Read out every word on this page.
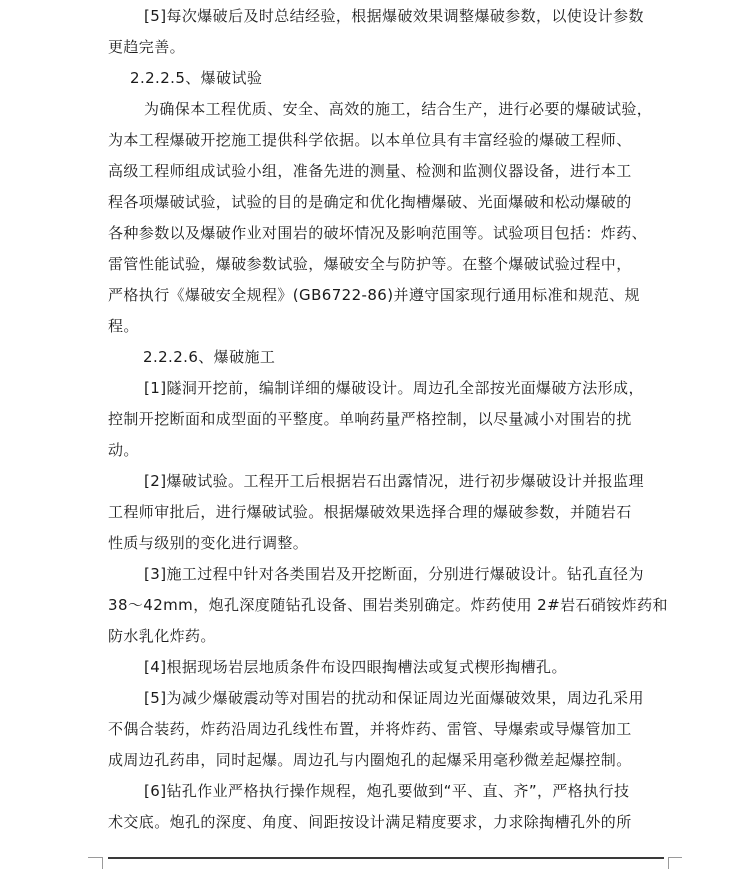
[5]每次爆破后及时总结经验，根据爆破效果调整爆破参数，以使设计参数
更趋完善。
2.2.2.5、爆破试验
为确保本工程优质、安全、高效的施工，结合生产，进行必要的爆破试验，
为本工程爆破开挖施工提供科学依据。以本单位具有丰富经验的爆破工程师、
高级工程师组成试验小组，准备先进的测量、检测和监测仪器设备，进行本工
程各项爆破试验，试验的目的是确定和优化掏槽爆破、光面爆破和松动爆破的
各种参数以及爆破作业对围岩的破坏情况及影响范围等。试验项目包括：炸药、
雷管性能试验，爆破参数试验，爆破安全与防护等。在整个爆破试验过程中，
严格执行《爆破安全规程》(GB6722-86)并遵守国家现行通用标准和规范、规
程。
2.2.2.6、爆破施工
[1]隧洞开挖前，编制详细的爆破设计。周边孔全部按光面爆破方法形成，
控制开挖断面和成型面的平整度。单响药量严格控制，以尽量减小对围岩的扰
动。
[2]爆破试验。工程开工后根据岩石出露情况，进行初步爆破设计并报监理
工程师审批后，进行爆破试验。根据爆破效果选择合理的爆破参数，并随岩石
性质与级别的变化进行调整。
[3]施工过程中针对各类围岩及开挖断面，分别进行爆破设计。钻孔直径为
38～42mm，炮孔深度随钻孔设备、围岩类别确定。炸药使用 2#岩石硝铵炸药和
防水乳化炸药。
[4]根据现场岩层地质条件布设四眼掏槽法或复式楔形掏槽孔。
[5]为减少爆破震动等对围岩的扰动和保证周边光面爆破效果，周边孔采用
不偶合装药，炸药沿周边孔线性布置，并将炸药、雷管、导爆索或导爆管加工
成周边孔药串，同时起爆。周边孔与内圈炮孔的起爆采用毫秒微差起爆控制。
[6]钻孔作业严格执行操作规程，炮孔要做到“平、直、齐”，严格执行技
术交底。炮孔的深度、角度、间距按设计满足精度要求，力求除掏槽孔外的所
